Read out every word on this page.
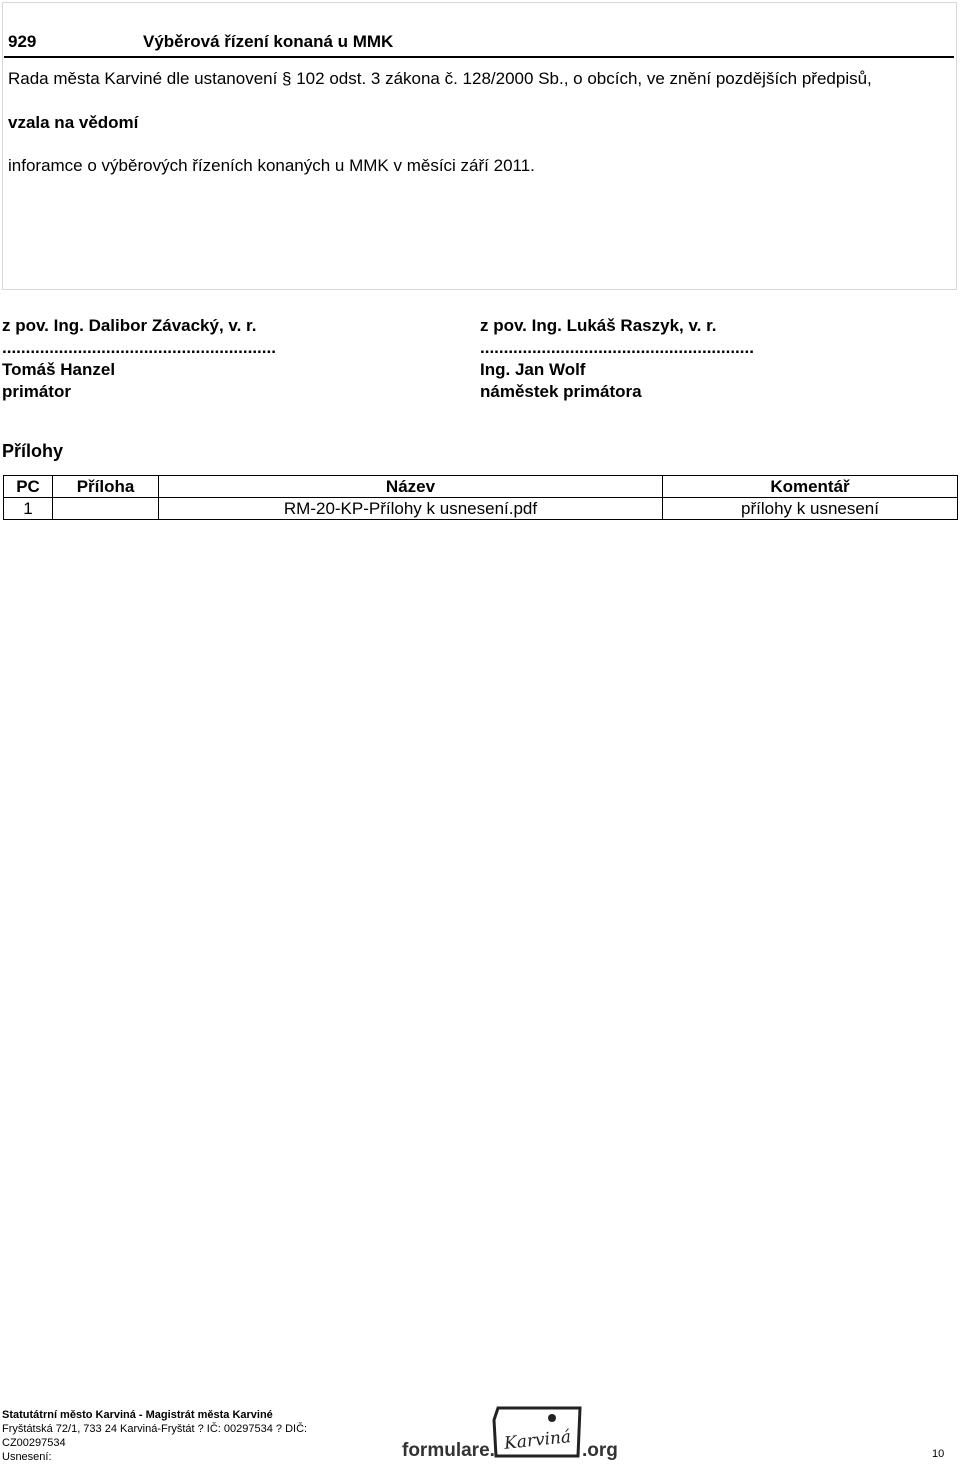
929	Výběrová řízení konaná u MMK
Rada města Karviné dle ustanovení § 102 odst. 3 zákona č. 128/2000 Sb., o obcích, ve znění pozdějších předpisů,
vzala na vědomí
inforamce o výběrových řízeních konaných u MMK v měsíci září 2011.
z pov. Ing. Dalibor Závacký, v. r.
..........................................................
Tomáš Hanzel
primátor
z pov. Ing. Lukáš Raszyk, v. r.
..........................................................
Ing. Jan Wolf
náměstek primátora
Přílohy
PC	Příloha	Název	Komentář
1		RM-20-KP-Přílohy k usnesení.pdf	přílohy k usnesení
Statutátrní město Karviná - Magistrát města Karviné
Fryštátská 72/1, 733 24 Karviná-Fryštát ? IČ: 00297534 ? DIČ:
CZ00297534
Usnesení:	formulare. Karviná .org	10
